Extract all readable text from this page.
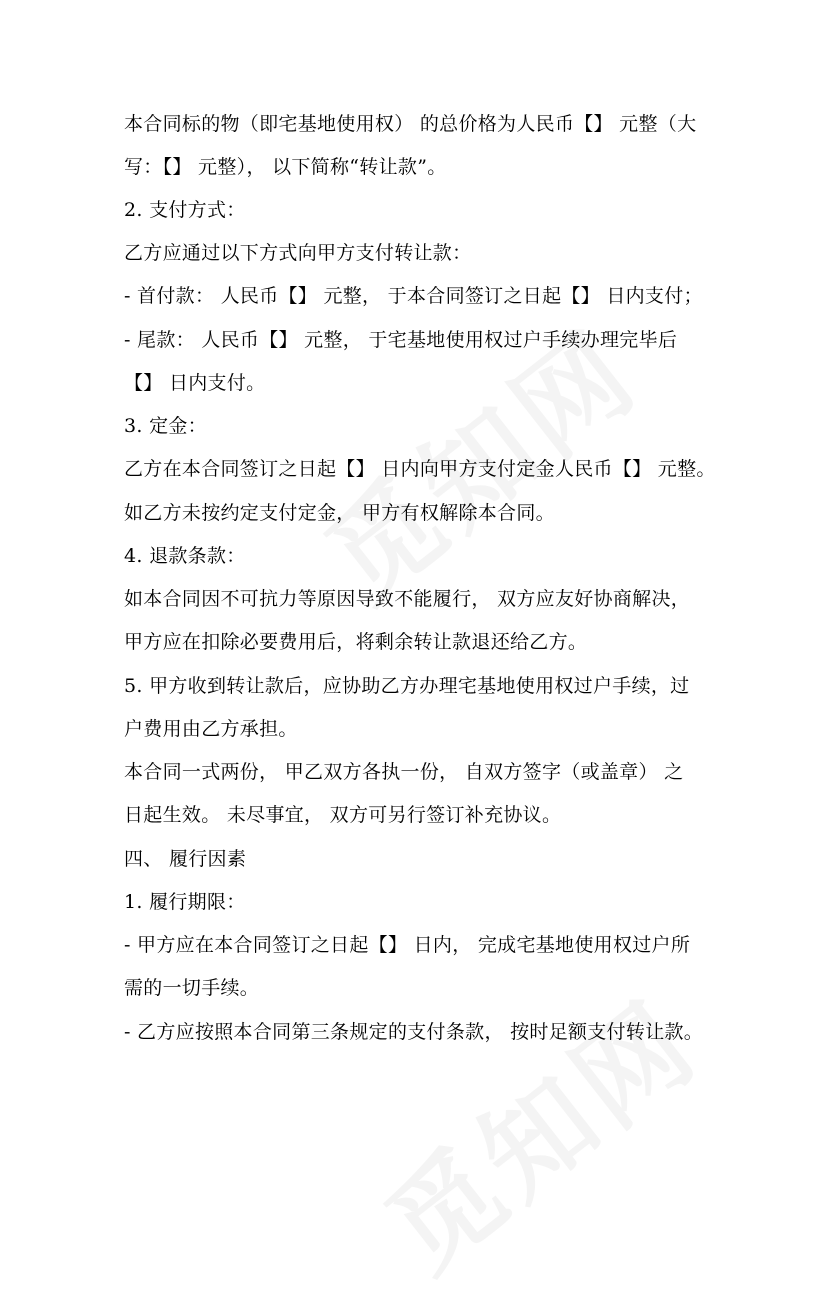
本合同标的物（即宅基地使用权） 的总价格为人民币【】 元整（大
写：【】 元整）， 以下简称“转让款”。
2. 支付方式：
乙方应通过以下方式向甲方支付转让款：
- 首付款： 人民币【】 元整， 于本合同签订之日起【】 日内支付；
- 尾款： 人民币【】 元整， 于宅基地使用权过户手续办理完毕后
【】 日内支付。
3. 定金：
乙方在本合同签订之日起【】 日内向甲方支付定金人民币【】 元整。
如乙方未按约定支付定金， 甲方有权解除本合同。
4. 退款条款：
如本合同因不可抗力等原因导致不能履行， 双方应友好协商解决，
甲方应在扣除必要费用后，将剩余转让款退还给乙方。
5. 甲方收到转让款后，应协助乙方办理宅基地使用权过户手续，过
户费用由乙方承担。
本合同一式两份， 甲乙双方各执一份， 自双方签字（或盖章） 之
日起生效。 未尽事宜， 双方可另行签订补充协议。
四、 履行因素
1. 履行期限：
- 甲方应在本合同签订之日起【】 日内， 完成宅基地使用权过户所
需的一切手续。
- 乙方应按照本合同第三条规定的支付条款， 按时足额支付转让款。
